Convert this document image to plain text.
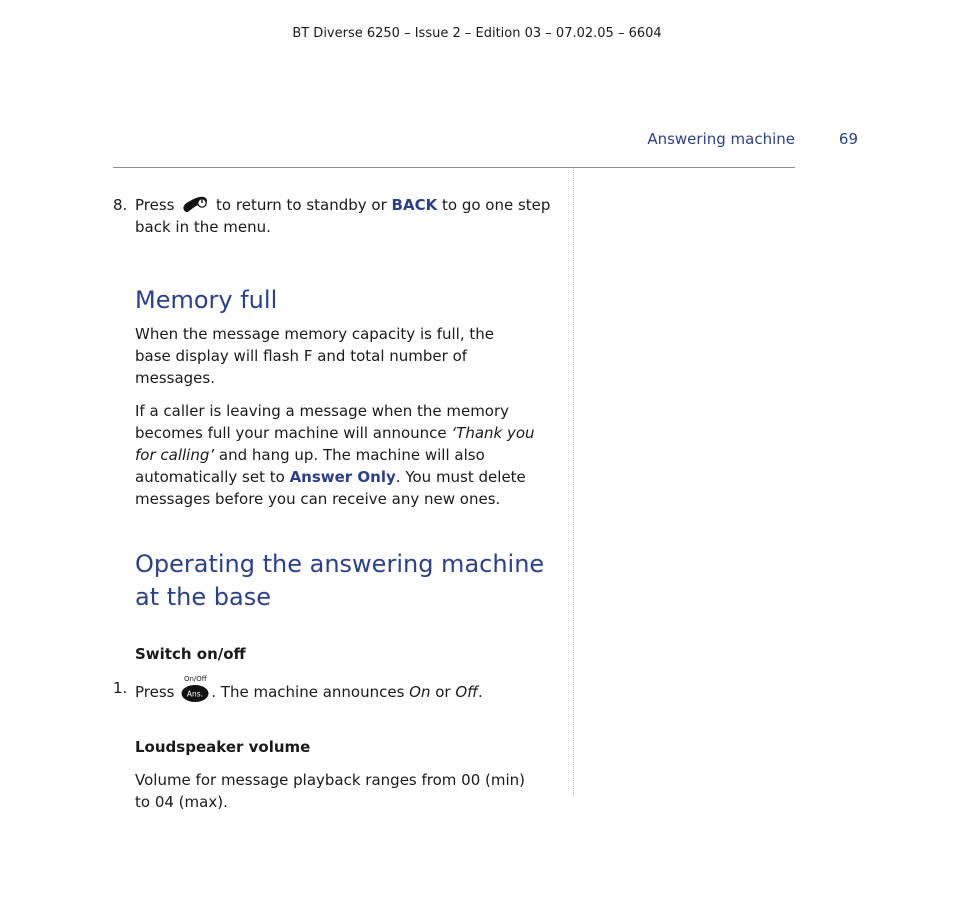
BT Diverse 6250 – Issue 2 – Edition 03 – 07.02.05 – 6604
Answering machine	69
8. Press	to return to standby or BACK to go one step
back in the menu.
Memory full

When the message memory capacity is full, the base display will flash F and total number of messages.

If a caller is leaving a message when the memory becomes full your machine will announce ‘Thank you for calling’ and hang up. The machine will also automatically set to Answer Only. You must delete messages before you can receive any new ones.

Operating the answering machine
at the base
Switch on/off
1. Press
On/Off
Ans. . The machine announces On or Off.
Loudspeaker volume

Volume for message playback ranges from 00 (min) to 04 (max).
